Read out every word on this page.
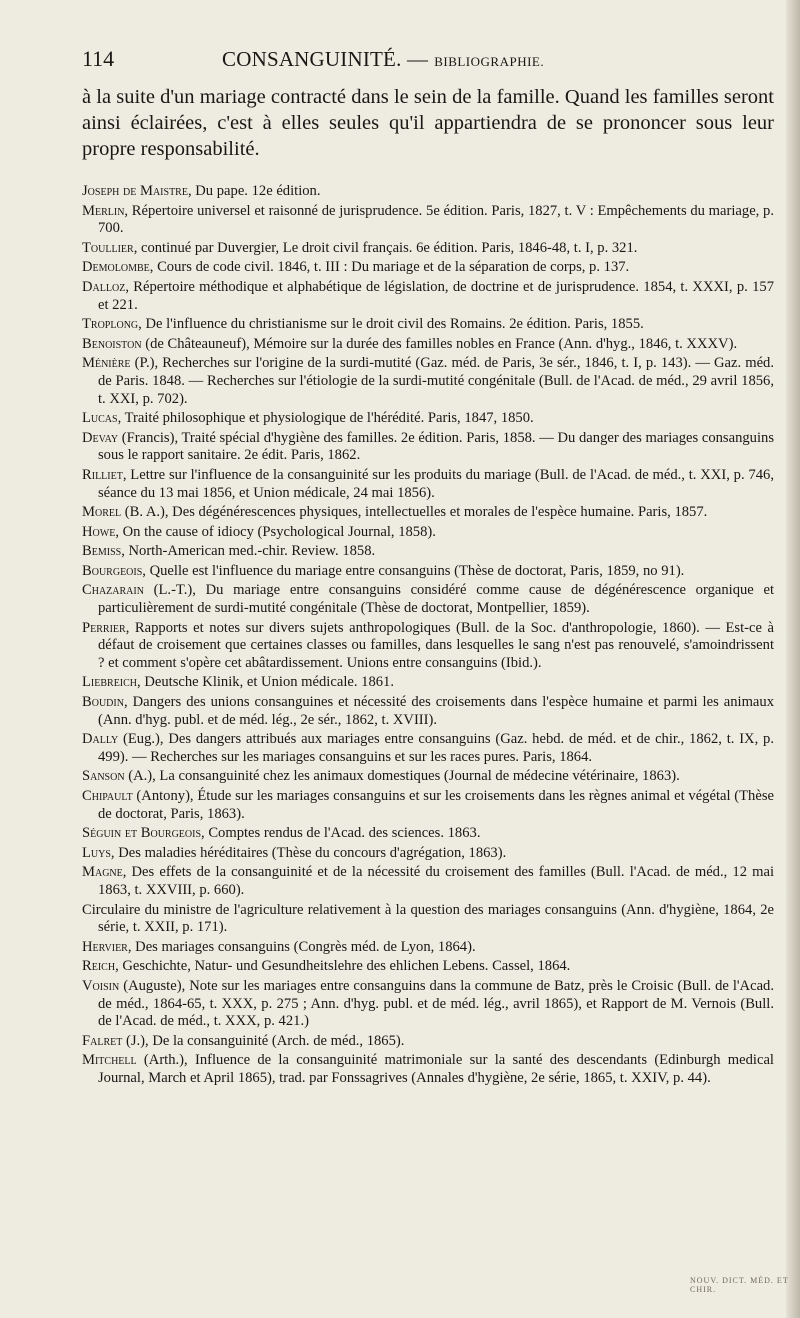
114	CONSANGUINITÉ. — BIBLIOGRAPHIE.

à la suite d'un mariage contracté dans le sein de la famille. Quand les familles seront ainsi éclairées, c'est à elles seules qu'il appartiendra de se prononcer sous leur propre responsabilité.

Joseph de Maistre, Du pape. 12e édition.

Merlin, Répertoire universel et raisonné de jurisprudence. 5e édition. Paris, 1827, t. V : Empêchements du mariage, p. 700.

Toullier, continué par Duvergier, Le droit civil français. 6e édition. Paris, 1846-48, t. I, p. 321.

Demolombe, Cours de code civil. 1846, t. III : Du mariage et de la séparation de corps, p. 137.

Dalloz, Répertoire méthodique et alphabétique de législation, de doctrine et de jurisprudence. 1854, t. XXXI, p. 157 et 221.

Troplong, De l'influence du christianisme sur le droit civil des Romains. 2e édition. Paris, 1855.

Benoiston (de Châteauneuf), Mémoire sur la durée des familles nobles en France (Ann. d'hyg., 1846, t. XXXV).

Ménière (P.), Recherches sur l'origine de la surdi-mutité (Gaz. méd. de Paris, 3e sér., 1846, t. I, p. 143). — Gaz. méd. de Paris. 1848. — Recherches sur l'étiologie de la surdi-mutité congénitale (Bull. de l'Acad. de méd., 29 avril 1856, t. XXI, p. 702).

Lucas, Traité philosophique et physiologique de l'hérédité. Paris, 1847, 1850.

Devay (Francis), Traité spécial d'hygiène des familles. 2e édition. Paris, 1858. — Du danger des mariages consanguins sous le rapport sanitaire. 2e édit. Paris, 1862.

Rilliet, Lettre sur l'influence de la consanguinité sur les produits du mariage (Bull. de l'Acad. de méd., t. XXI, p. 746, séance du 13 mai 1856, et Union médicale, 24 mai 1856).

Morel (B. A.), Des dégénérescences physiques, intellectuelles et morales de l'espèce humaine. Paris, 1857.

Howe, On the cause of idiocy (Psychological Journal, 1858).

Bemiss, North-American med.-chir. Review. 1858.

Bourgeois, Quelle est l'influence du mariage entre consanguins (Thèse de doctorat, Paris, 1859, no 91).

Chazarain (L.-T.), Du mariage entre consanguins considéré comme cause de dégénérescence organique et particulièrement de surdi-mutité congénitale (Thèse de doctorat, Montpellier, 1859).

Perrier, Rapports et notes sur divers sujets anthropologiques (Bull. de la Soc. d'anthropologie, 1860). — Est-ce à défaut de croisement que certaines classes ou familles, dans lesquelles le sang n'est pas renouvelé, s'amoindrissent ? et comment s'opère cet abâtardissement. Unions entre consanguins (Ibid.).

Liebreich, Deutsche Klinik, et Union médicale. 1861.

Boudin, Dangers des unions consanguines et nécessité des croisements dans l'espèce humaine et parmi les animaux (Ann. d'hyg. publ. et de méd. lég., 2e sér., 1862, t. XVIII).

Dally (Eug.), Des dangers attribués aux mariages entre consanguins (Gaz. hebd. de méd. et de chir., 1862, t. IX, p. 499). — Recherches sur les mariages consanguins et sur les races pures. Paris, 1864.

Sanson (A.), La consanguinité chez les animaux domestiques (Journal de médecine vétérinaire, 1863).

Chipault (Antony), Étude sur les mariages consanguins et sur les croisements dans les règnes animal et végétal (Thèse de doctorat, Paris, 1863).

Séguin et Bourgeois, Comptes rendus de l'Acad. des sciences. 1863.

Luys, Des maladies héréditaires (Thèse du concours d'agrégation, 1863).

Magne, Des effets de la consanguinité et de la nécessité du croisement des familles (Bull. l'Acad. de méd., 12 mai 1863, t. XXVIII, p. 660).

Circulaire du ministre de l'agriculture relativement à la question des mariages consanguins (Ann. d'hygiène, 1864, 2e série, t. XXII, p. 171).

Hervier, Des mariages consanguins (Congrès méd. de Lyon, 1864).

Reich, Geschichte, Natur- und Gesundheitslehre des ehlichen Lebens. Cassel, 1864.

Voisin (Auguste), Note sur les mariages entre consanguins dans la commune de Batz, près le Croisic (Bull. de l'Acad. de méd., 1864-65, t. XXX, p. 275 ; Ann. d'hyg. publ. et de méd. lég., avril 1865), et Rapport de M. Vernois (Bull. de l'Acad. de méd., t. XXX, p. 421.)

Falret (J.), De la consanguinité (Arch. de méd., 1865).

Mitchell (Arth.), Influence de la consanguinité matrimoniale sur la santé des descendants (Edinburgh medical Journal, March et April 1865), trad. par Fonssagrives (Annales d'hygiène, 2e série, 1865, t. XXIV, p. 44).

NOUV. DICT. MÉD. ET CHIR.
